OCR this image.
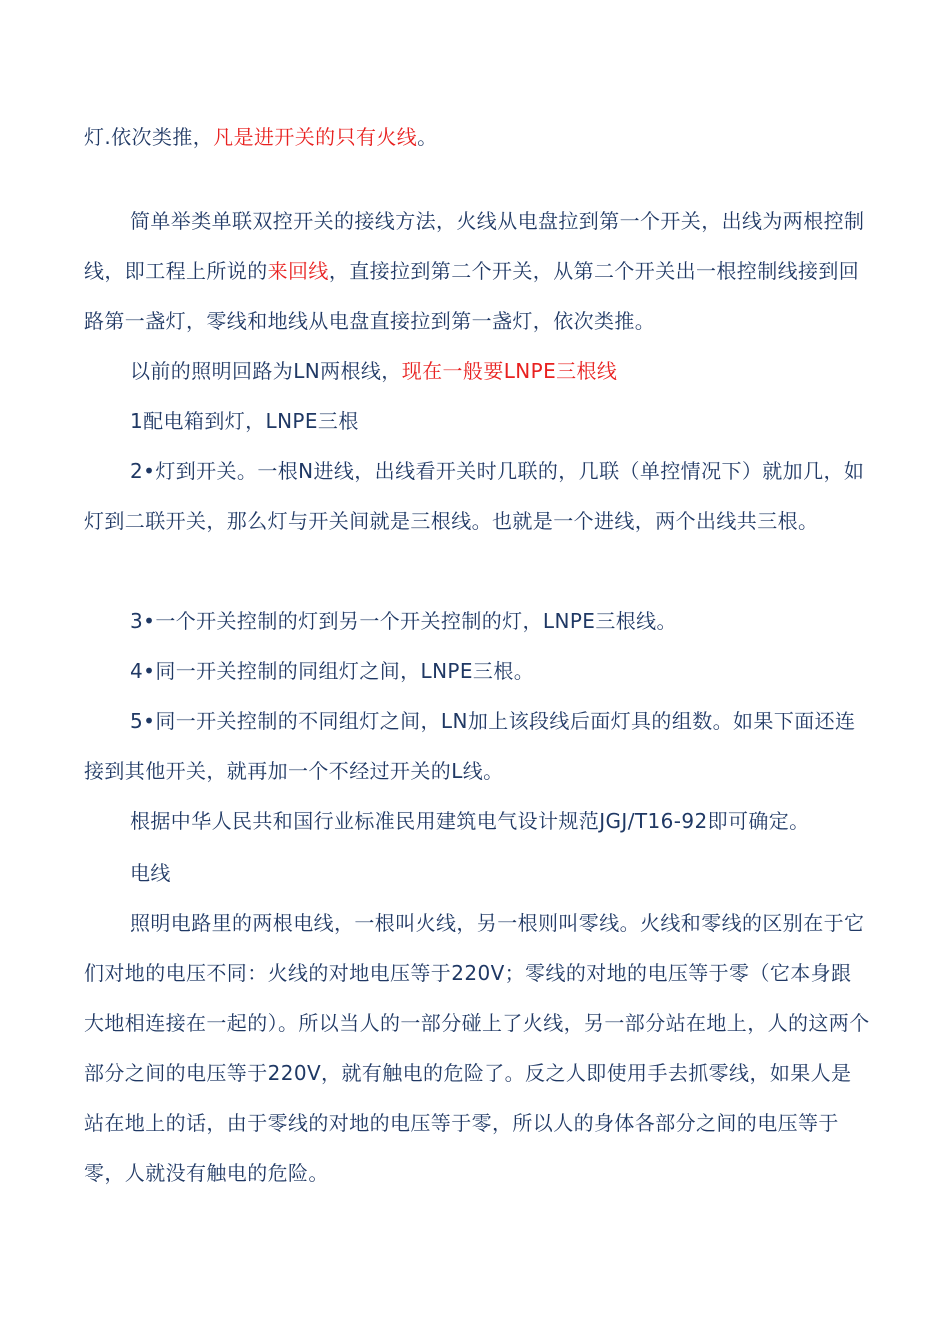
灯.依次类推，凡是进开关的只有火线。

简单举类单联双控开关的接线方法，火线从电盘拉到第一个开关，出线为两根控制线，即工程上所说的来回线，直接拉到第二个开关，从第二个开关出一根控制线接到回路第一盏灯，零线和地线从电盘直接拉到第一盏灯，依次类推。

以前的照明回路为LN两根线，现在一般要LNPE三根线

1配电箱到灯，LNPE三根

2•灯到开关。一根N进线，出线看开关时几联的，几联（单控情况下）就加几，如灯到二联开关，那么灯与开关间就是三根线。也就是一个进线，两个出线共三根。

3•一个开关控制的灯到另一个开关控制的灯，LNPE三根线。

4•同一开关控制的同组灯之间，LNPE三根。

5•同一开关控制的不同组灯之间，LN加上该段线后面灯具的组数。如果下面还连接到其他开关，就再加一个不经过开关的L线。

根据中华人民共和国行业标准民用建筑电气设计规范JGJ/T16-92即可确定。

电线

照明电路里的两根电线，一根叫火线，另一根则叫零线。火线和零线的区别在于它们对地的电压不同：火线的对地电压等于220V；零线的对地的电压等于零（它本身跟大地相连接在一起的）。所以当人的一部分碰上了火线，另一部分站在地上，人的这两个部分之间的电压等于220V，就有触电的危险了。反之人即使用手去抓零线，如果人是站在地上的话，由于零线的对地的电压等于零，所以人的身体各部分之间的电压等于零，人就没有触电的危险。
